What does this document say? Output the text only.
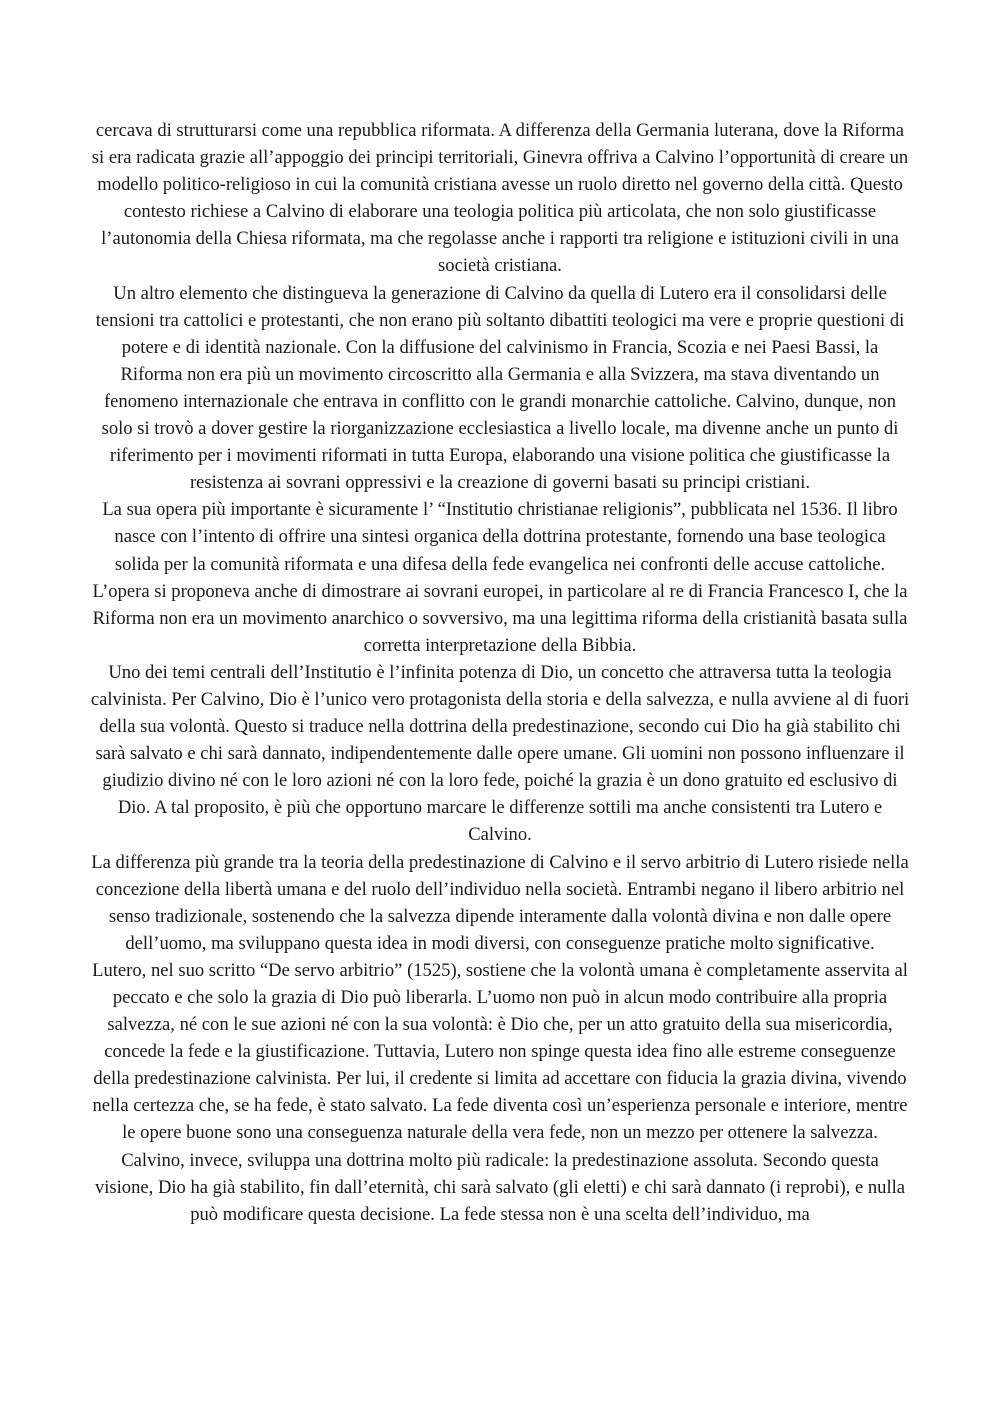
cercava di strutturarsi come una repubblica riformata. A differenza della Germania luterana, dove la Riforma si era radicata grazie all’appoggio dei principi territoriali, Ginevra offriva a Calvino l’opportunità di creare un modello politico-religioso in cui la comunità cristiana avesse un ruolo diretto nel governo della città. Questo contesto richiese a Calvino di elaborare una teologia politica più articolata, che non solo giustificasse l’autonomia della Chiesa riformata, ma che regolasse anche i rapporti tra religione e istituzioni civili in una società cristiana.

Un altro elemento che distingueva la generazione di Calvino da quella di Lutero era il consolidarsi delle tensioni tra cattolici e protestanti, che non erano più soltanto dibattiti teologici ma vere e proprie questioni di potere e di identità nazionale. Con la diffusione del calvinismo in Francia, Scozia e nei Paesi Bassi, la Riforma non era più un movimento circoscritto alla Germania e alla Svizzera, ma stava diventando un fenomeno internazionale che entrava in conflitto con le grandi monarchie cattoliche. Calvino, dunque, non solo si trovò a dover gestire la riorganizzazione ecclesiastica a livello locale, ma divenne anche un punto di riferimento per i movimenti riformati in tutta Europa, elaborando una visione politica che giustificasse la resistenza ai sovrani oppressivi e la creazione di governi basati su principi cristiani.

La sua opera più importante è sicuramente l’ “Institutio christianae religionis”, pubblicata nel 1536. Il libro nasce con l’intento di offrire una sintesi organica della dottrina protestante, fornendo una base teologica solida per la comunità riformata e una difesa della fede evangelica nei confronti delle accuse cattoliche. L’opera si proponeva anche di dimostrare ai sovrani europei, in particolare al re di Francia Francesco I, che la Riforma non era un movimento anarchico o sovversivo, ma una legittima riforma della cristianità basata sulla corretta interpretazione della Bibbia.

Uno dei temi centrali dell’Institutio è l’infinita potenza di Dio, un concetto che attraversa tutta la teologia calvinista. Per Calvino, Dio è l’unico vero protagonista della storia e della salvezza, e nulla avviene al di fuori della sua volontà. Questo si traduce nella dottrina della predestinazione, secondo cui Dio ha già stabilito chi sarà salvato e chi sarà dannato, indipendentemente dalle opere umane. Gli uomini non possono influenzare il giudizio divino né con le loro azioni né con la loro fede, poiché la grazia è un dono gratuito ed esclusivo di Dio. A tal proposito, è più che opportuno marcare le differenze sottili ma anche consistenti tra Lutero e Calvino.

La differenza più grande tra la teoria della predestinazione di Calvino e il servo arbitrio di Lutero risiede nella concezione della libertà umana e del ruolo dell’individuo nella società. Entrambi negano il libero arbitrio nel senso tradizionale, sostenendo che la salvezza dipende interamente dalla volontà divina e non dalle opere dell’uomo, ma sviluppano questa idea in modi diversi, con conseguenze pratiche molto significative.

Lutero, nel suo scritto “De servo arbitrio” (1525), sostiene che la volontà umana è completamente asservita al peccato e che solo la grazia di Dio può liberarla. L’uomo non può in alcun modo contribuire alla propria salvezza, né con le sue azioni né con la sua volontà: è Dio che, per un atto gratuito della sua misericordia, concede la fede e la giustificazione. Tuttavia, Lutero non spinge questa idea fino alle estreme conseguenze della predestinazione calvinista. Per lui, il credente si limita ad accettare con fiducia la grazia divina, vivendo nella certezza che, se ha fede, è stato salvato. La fede diventa così un’esperienza personale e interiore, mentre le opere buone sono una conseguenza naturale della vera fede, non un mezzo per ottenere la salvezza.

Calvino, invece, sviluppa una dottrina molto più radicale: la predestinazione assoluta. Secondo questa visione, Dio ha già stabilito, fin dall’eternità, chi sarà salvato (gli eletti) e chi sarà dannato (i reprobi), e nulla può modificare questa decisione. La fede stessa non è una scelta dell’individuo, ma
